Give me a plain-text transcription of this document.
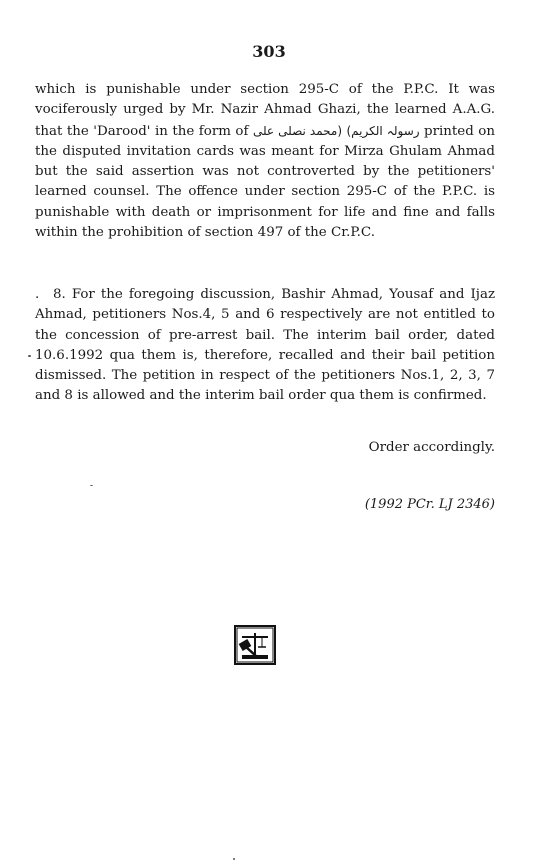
303
which is punishable under section 295-C of the P.P.C. It was vociferously urged by Mr. Nazir Ahmad Ghazi, the learned A.A.G. that the 'Darood' in the form of (محمد نصلی علی رسولہ الکریم) printed on the disputed invitation cards was meant for Mirza Ghulam Ahmad but the said assertion was not controverted by the petitioners' learned counsel. The offence under section 295-C of the P.P.C. is punishable with death or imprisonment for life and fine and falls within the prohibition of section 497 of the Cr.P.C.
. 8. For the foregoing discussion, Bashir Ahmad, Yousaf and Ijaz Ahmad, petitioners Nos.4, 5 and 6 respectively are not entitled to the concession of pre-arrest bail. The interim bail order, dated 10.6.1992 qua them is, therefore, recalled and their bail petition dismissed. The petition in respect of the petitioners Nos.1, 2, 3, 7 and 8 is allowed and the interim bail order qua them is confirmed.
Order accordingly.
(1992 PCr. LJ 2346)
